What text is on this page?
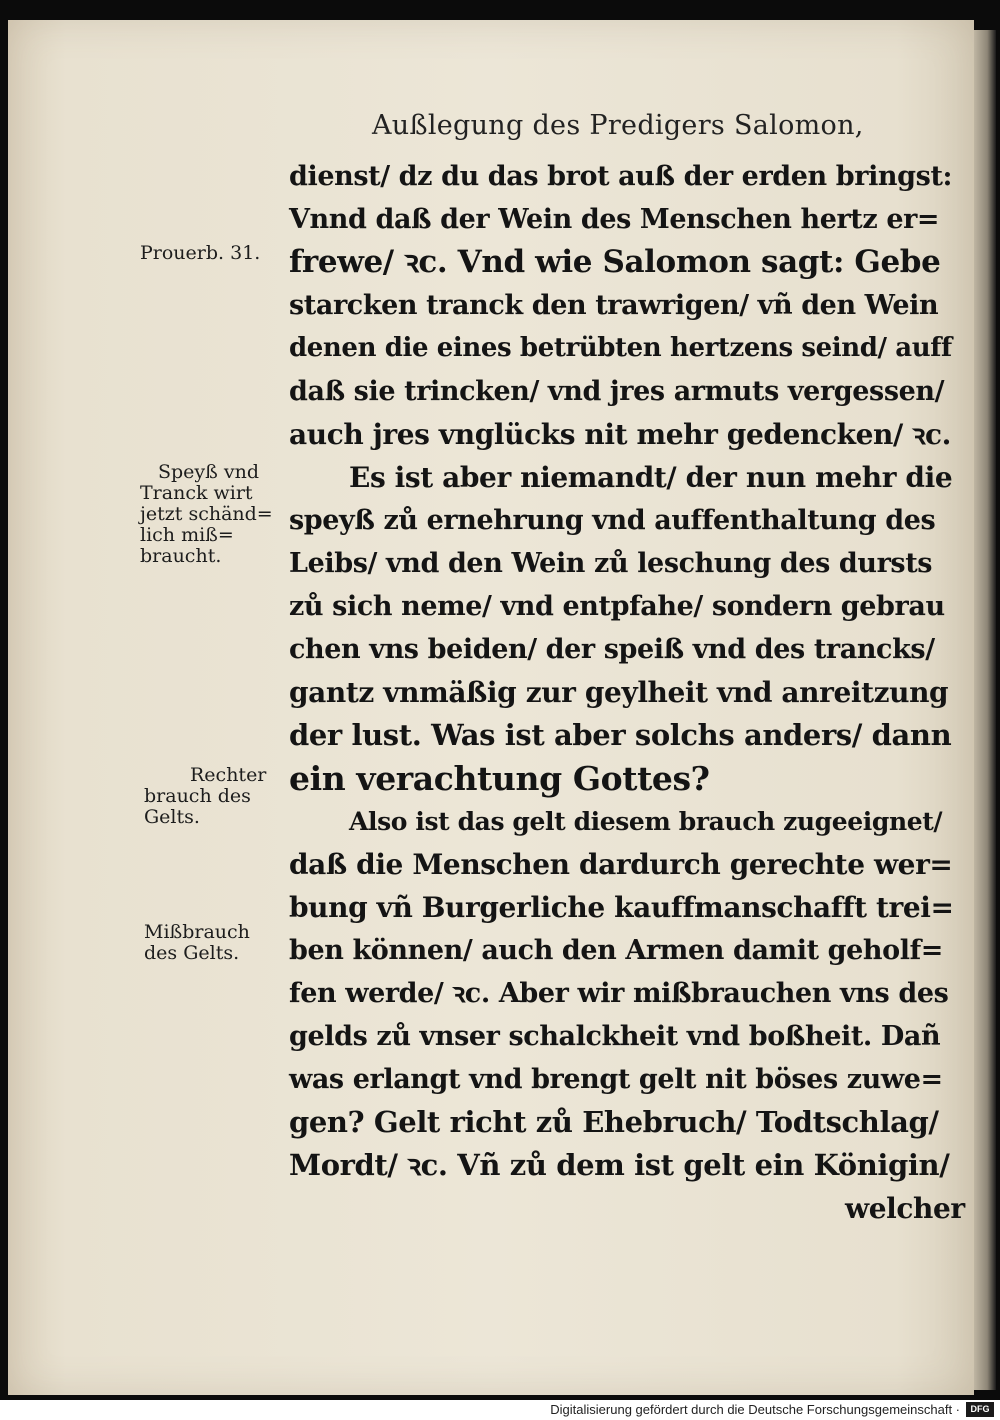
Außlegung des Predigers Salomon,
dienst/ dz du das brot auß der erden bringst:
Vnnd daß der Wein des Menschen hertz er=
frewe/ ꝛc. Vnd wie Salomon sagt: Gebe
starcken tranck den trawrigen/ vñ den Wein
denen die eines betrübten hertzens seind/ auff
daß sie trincken/ vnd jres armuts vergessen/
auch jres vnglücks nit mehr gedencken/ ꝛc.
Es ist aber niemandt/ der nun mehr die
speyß zů ernehrung vnd auffenthaltung des
Leibs/ vnd den Wein zů leschung des dursts
zů sich neme/ vnd entpfahe/ sondern gebrau
chen vns beiden/ der speiß vnd des trancks/
gantz vnmäßig zur geylheit vnd anreitzung
der lust. Was ist aber solchs anders/ dann
ein verachtung Gottes?
Also ist das gelt diesem brauch zugeeignet/
daß die Menschen dardurch gerechte wer=
bung vñ Burgerliche kauffmanschafft trei=
ben können/ auch den Armen damit geholf=
fen werde/ ꝛc. Aber wir mißbrauchen vns des
gelds zů vnser schalckheit vnd boßheit. Dañ
was erlangt vnd brengt gelt nit böses zuwe=
gen? Gelt richt zů Ehebruch/ Todtschlag/
Mordt/ ꝛc. Vñ zů dem ist gelt ein Königin/
welcher
Prouerb. 31.
Speyß vnd
Tranck wirt
jetzt schänd=
lich miß=
braucht.
Rechter
brauch des
Gelts.
Mißbrauch
des Gelts.
Digitalisierung gefördert durch die Deutsche Forschungsgemeinschaft ·	DFG
